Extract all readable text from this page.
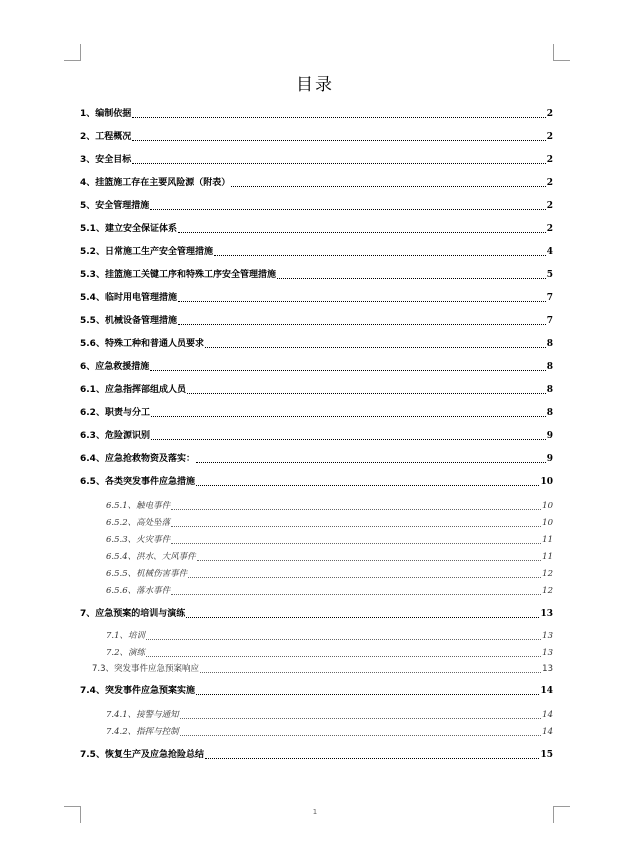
目录
1、编制依据	2
2、工程概况	2
3、安全目标	2
4、挂篮施工存在主要风险源（附表）	2
5、安全管理措施	2
5.1、建立安全保证体系	2
5.2、日常施工生产安全管理措施	4
5.3、挂篮施工关键工序和特殊工序安全管理措施	5
5.4、临时用电管理措施	7
5.5、机械设备管理措施	7
5.6、特殊工种和普通人员要求	8
6、应急救援措施	8
6.1、应急指挥部组成人员	8
6.2、职责与分工	8
6.3、危险源识别	9
6.4、应急抢救物资及落实：	9
6.5、各类突发事件应急措施	10
6.5.1、触电事件	10
6.5.2、高处坠落	10
6.5.3、火灾事件	11
6.5.4、洪水、大风事件	11
6.5.5、机械伤害事件	12
6.5.6、落水事件	12
7、应急预案的培训与演练	13
7.1、培训	13
7.2、演练	13
7.3、突发事件应急预案响应	13
7.4、突发事件应急预案实施	14
7.4.1、接警与通知	14
7.4.2、指挥与控制	14
7.5、恢复生产及应急抢险总结	15
1
